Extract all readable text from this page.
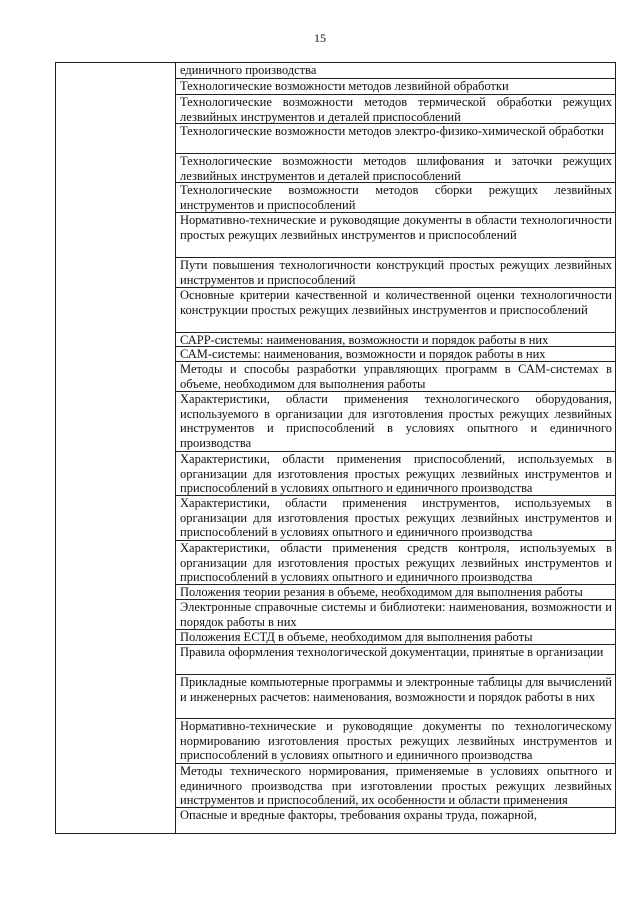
15

единичного производства

Технологические возможности методов лезвийной обработки

Технологические возможности методов термической обработки режущих лезвийных инструментов и деталей приспособлений

Технологические возможности методов электро-физико-химической обработки

Технологические возможности методов шлифования и заточки режущих лезвийных инструментов и деталей приспособлений

Технологические возможности методов сборки режущих лезвийных инструментов и приспособлений

Нормативно-технические и руководящие документы в области технологичности простых режущих лезвийных инструментов и приспособлений

Пути повышения технологичности конструкций простых режущих лезвийных инструментов и приспособлений

Основные критерии качественной и количественной оценки технологичности конструкции простых режущих лезвийных инструментов и приспособлений

САРР-системы: наименования, возможности и порядок работы в них

САМ-системы: наименования, возможности и порядок работы в них

Методы и способы разработки управляющих программ в САМ-системах в объеме, необходимом для выполнения работы

Характеристики, области применения технологического оборудования, используемого в организации для изготовления простых режущих лезвийных инструментов и приспособлений в условиях опытного и единичного производства

Характеристики, области применения приспособлений, используемых в организации для изготовления простых режущих лезвийных инструментов и приспособлений в условиях опытного и единичного производства

Характеристики, области применения инструментов, используемых в организации для изготовления простых режущих лезвийных инструментов и приспособлений в условиях опытного и единичного производства

Характеристики, области применения средств контроля, используемых в организации для изготовления простых режущих лезвийных инструментов и приспособлений в условиях опытного и единичного производства

Положения теории резания в объеме, необходимом для выполнения работы

Электронные справочные системы и библиотеки: наименования, возможности и порядок работы в них

Положения ЕСТД в объеме, необходимом для выполнения работы

Правила оформления технологической документации, принятые в организации

Прикладные компьютерные программы и электронные таблицы для вычислений и инженерных расчетов: наименования, возможности и порядок работы в них

Нормативно-технические и руководящие документы по технологическому нормированию изготовления простых режущих лезвийных инструментов и приспособлений в условиях опытного и единичного производства

Методы технического нормирования, применяемые в условиях опытного и единичного производства при изготовлении простых режущих лезвийных инструментов и приспособлений, их особенности и области применения

Опасные и вредные факторы, требования охраны труда, пожарной,
